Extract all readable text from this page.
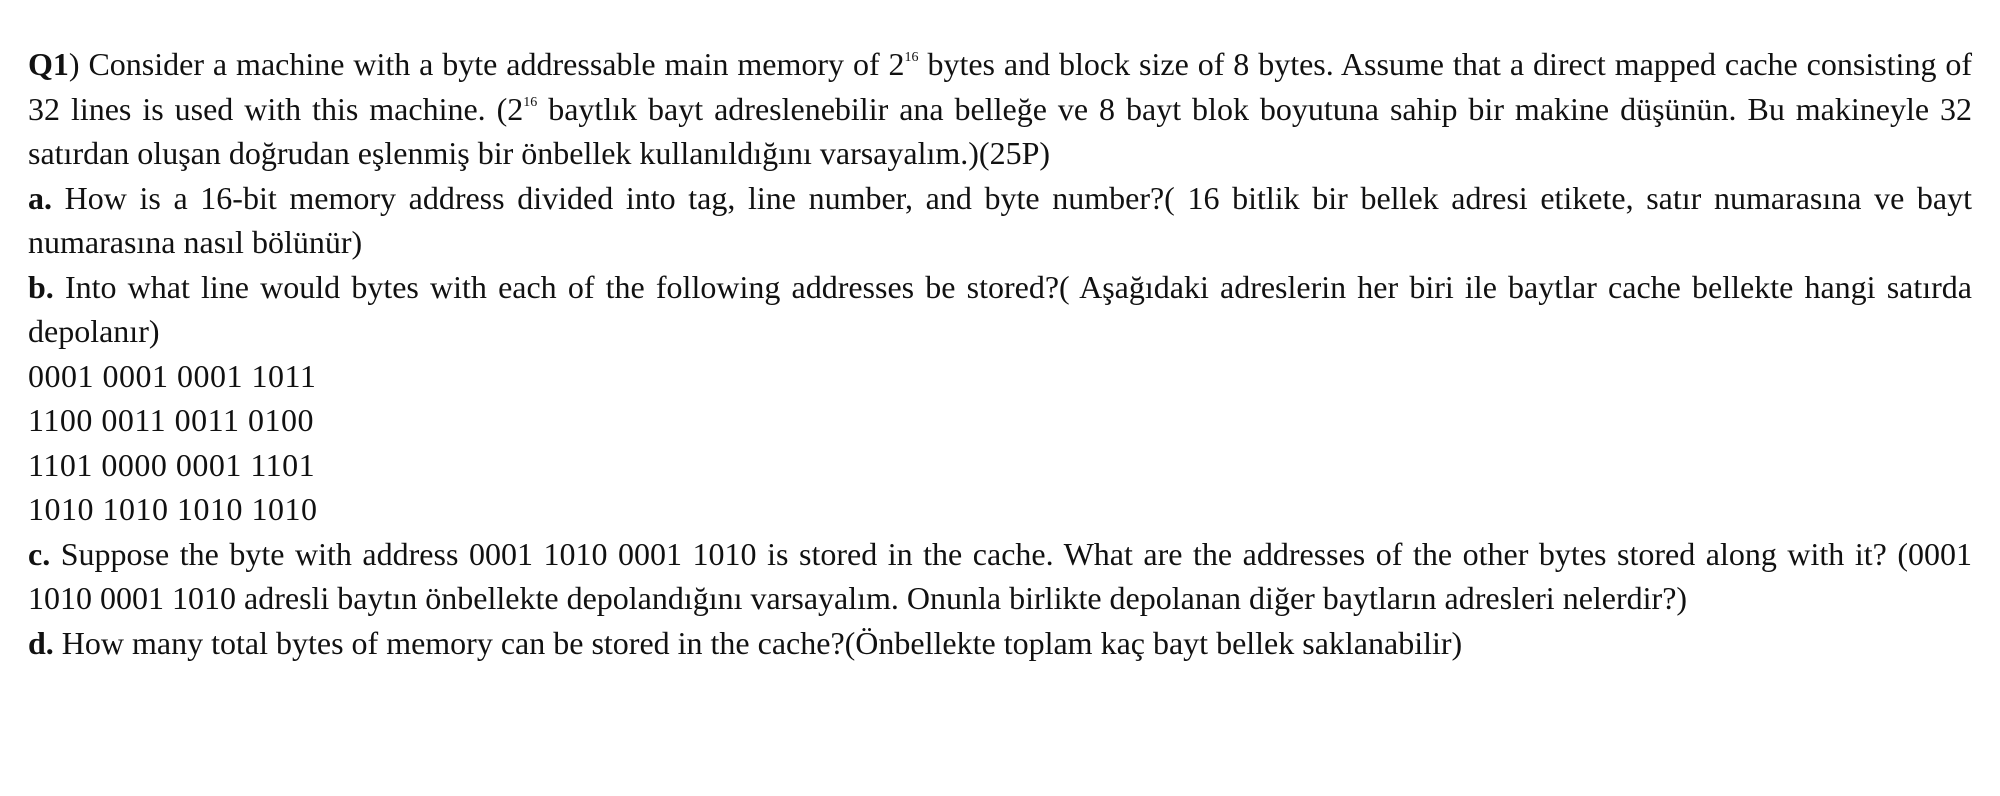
Q1) Consider a machine with a byte addressable main memory of $2^{16}$ bytes and block size of 8 bytes. Assume that a direct mapped cache consisting of 32 lines is used with this machine. ($2^{16}$ baytlık bayt adreslenebilir ana belleğe ve 8 bayt blok boyutuna sahip bir makine düşünün. Bu makineyle 32 satırdan oluşan doğrudan eşlenmiş bir önbellek kullanıldığını varsayalım.)(25P)

a. How is a 16-bit memory address divided into tag, line number, and byte number?( 16 bitlik bir bellek adresi etikete, satır numarasına ve bayt numarasına nasıl bölünür)

b. Into what line would bytes with each of the following addresses be stored?( Aşağıdaki adreslerin her biri ile baytlar cache bellekte hangi satırda depolanır)

0001 0001 0001 1011

1100 0011 0011 0100

1101 0000 0001 1101

1010 1010 1010 1010

c. Suppose the byte with address 0001 1010 0001 1010 is stored in the cache. What are the addresses of the other bytes stored along with it? (0001 1010 0001 1010 adresli baytın önbellekte depolandığını varsayalım. Onunla birlikte depolanan diğer baytların adresleri nelerdir?)

d. How many total bytes of memory can be stored in the cache?(Önbellekte toplam kaç bayt bellek saklanabilir)
